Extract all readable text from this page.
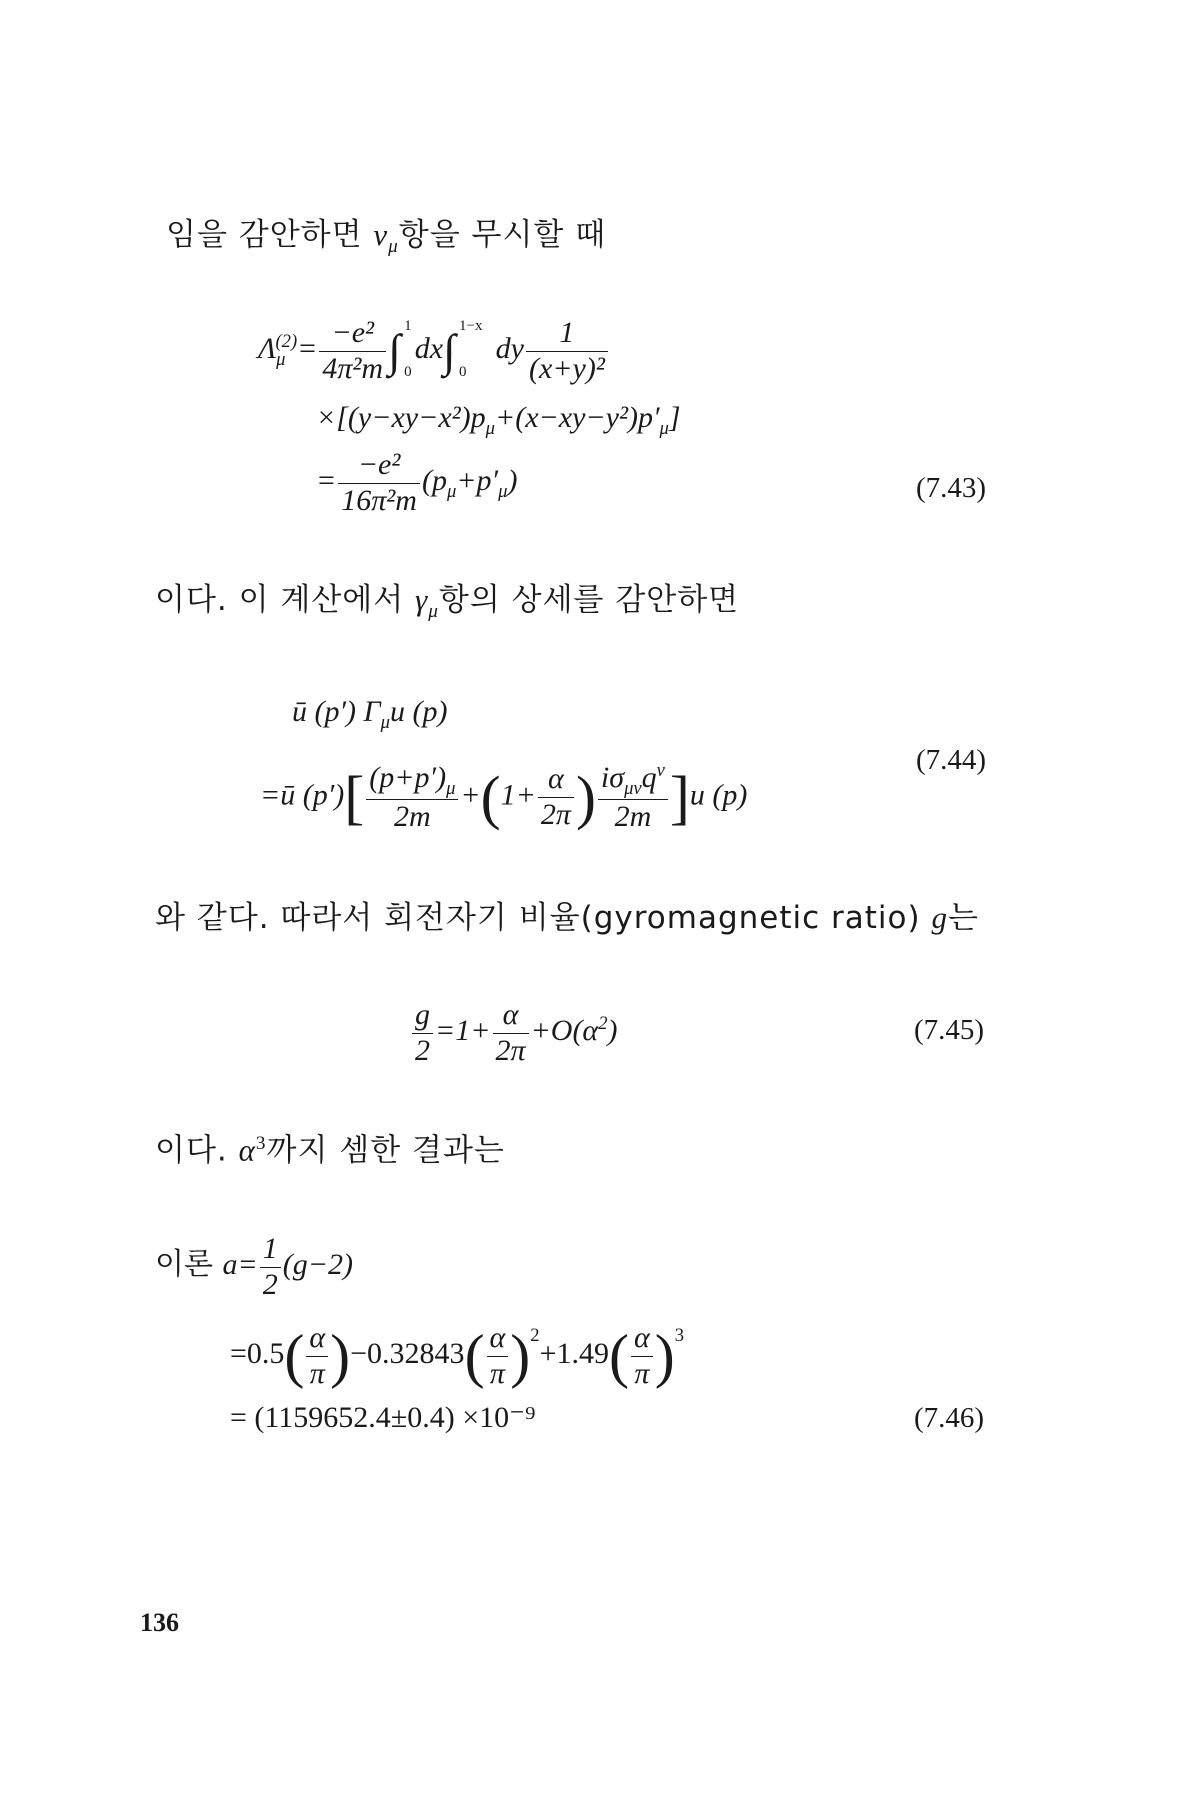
임을 감안하면 $\nu_\mu$항을 무시할 때
$\Lambda_\mu^{(2)}= \frac{\text{−e²}}{\text{4π²m}}$ ∫ 1
0
dx∫ 1−x
0
dy $\frac{1}{\text{(x+y)²}}$
$\times[(y-xy-x^2)p_\mu+(x-xy-y^2)p'_\mu]$
= $\frac{\text{−e²}}{\text{16π²m}} (p_\mu+p'_\mu)$	(7.43)
이다. 이 계산에서 $\gamma_\mu$항의 상세를 감안하면
ū (p′) $\Gamma_\mu u$ (p)
=ū $(p')[ \frac{(p+p')_\mu}{2m} +(1+ \frac{\alpha}{2\pi}$ ) $\frac{i\sigma_{\mu\nu}q^\nu}{2m} ]u$ (p)
(7.44)
와 같다. 따라서 회전자기 비율(gyromagnetic ratio) g는
$\frac{g}{2} =1+ \frac{\alpha}{2\pi} +O(\alpha^2)$	(7.45)
이다. $\alpha^3$까지 셈한 결과는
이론 $a= \frac{1}{2} (g-2)$
$=0.5( \frac{\alpha}{\pi} )-0.32843( \frac{\alpha}{\pi} )^2+1.49( \frac{\alpha}{\pi} )^3$
= (1159652.4±0.4) ×10⁻⁹	(7.46)
136
